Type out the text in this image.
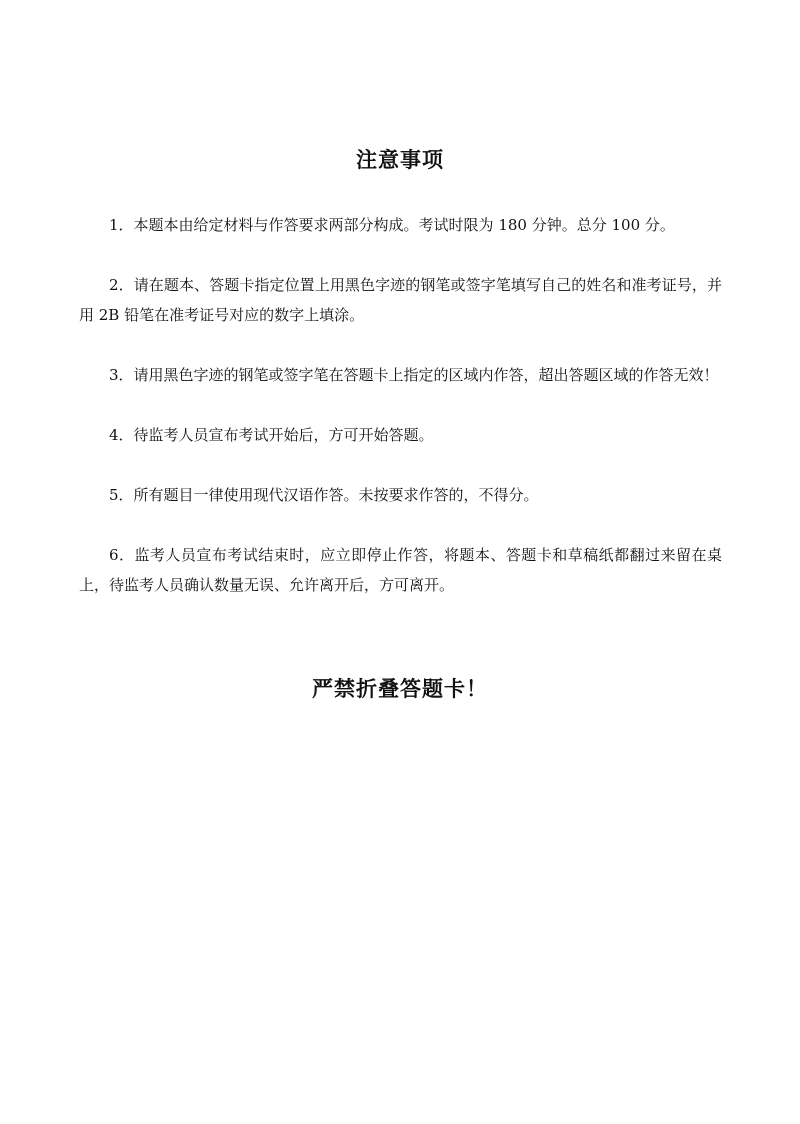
注意事项
1．本题本由给定材料与作答要求两部分构成。考试时限为 180 分钟。总分 100 分。
2．请在题本、答题卡指定位置上用黑色字迹的钢笔或签字笔填写自己的姓名和准考证号，并用 2B 铅笔在准考证号对应的数字上填涂。
3．请用黑色字迹的钢笔或签字笔在答题卡上指定的区域内作答，超出答题区域的作答无效！
4．待监考人员宣布考试开始后，方可开始答题。
5．所有题目一律使用现代汉语作答。未按要求作答的，不得分。
6．监考人员宣布考试结束时，应立即停止作答，将题本、答题卡和草稿纸都翻过来留在桌上，待监考人员确认数量无误、允许离开后，方可离开。
严禁折叠答题卡！
